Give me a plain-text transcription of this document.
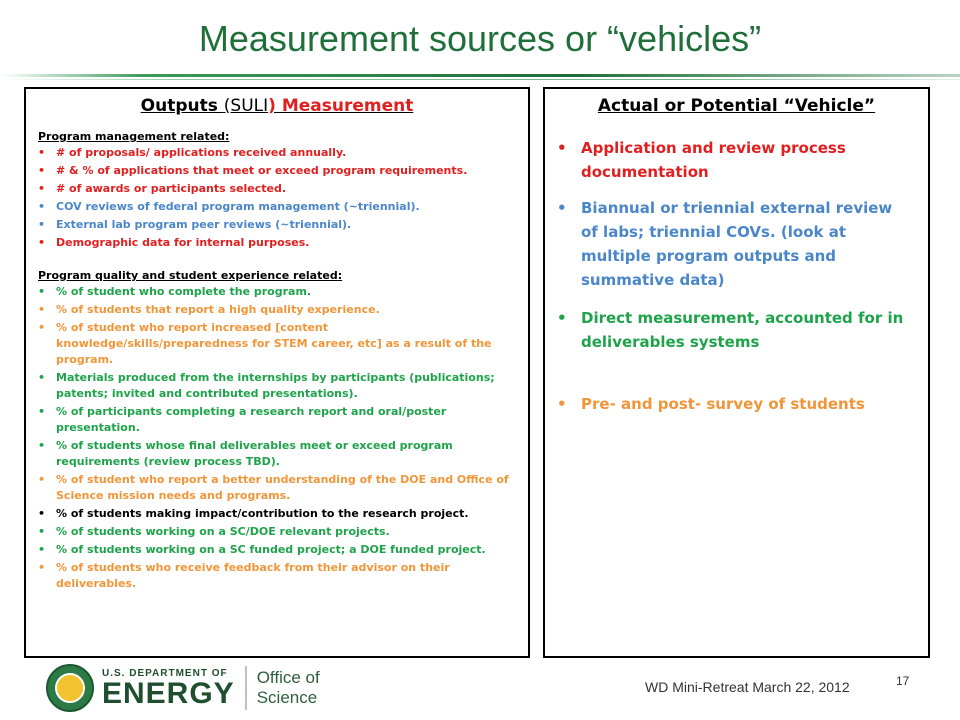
Measurement sources or “vehicles”
Outputs (SULI) Measurement
Program management related:
• # of proposals/ applications received annually.
• # & % of applications that meet or exceed program requirements.
• # of awards or participants selected.
• COV reviews of federal program management (~triennial).
• External lab program peer reviews (~triennial).
• Demographic data for internal purposes.
Program quality and student experience related:
• % of student who complete the program.
• % of students that report a high quality experience.
• % of student who report increased [content knowledge/skills/preparedness for STEM career, etc] as a result of the program.
• Materials produced from the internships by participants (publications; patents; invited and contributed presentations).
• % of participants completing a research report and oral/poster presentation.
• % of students whose final deliverables meet or exceed program requirements (review process TBD).
• % of student who report a better understanding of the DOE and Office of Science mission needs and programs.
• % of students making impact/contribution to the research project.
• % of students working on a SC/DOE relevant projects.
• % of students working on a SC funded project; a DOE funded project.
• % of students who receive feedback from their advisor on their deliverables.
Actual or Potential “Vehicle”
• Application and review process documentation
• Biannual or triennial external review of labs; triennial COVs. (look at multiple program outputs and summative data)
• Direct measurement, accounted for in deliverables systems
• Pre- and post- survey of students
U.S. DEPARTMENT OF
ENERGY Office of
Science
WD Mini-Retreat March 22, 2012	17
